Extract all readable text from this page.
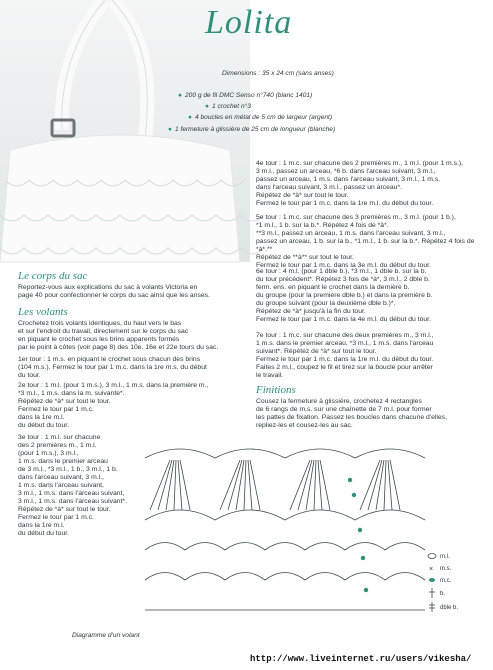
Lolita
Dimensions : 35 x 24 cm (sans anses)
● 200 g de fil DMC Senso n°740 (blanc 1401)
● 1 crochet n°3
● 4 boucles en métal de 5 cm de largeur (argent)
● 1 fermeture à glissière de 25 cm de longueur (blanche)
Le corps du sac

Reportez-vous aux explications du sac à volants Victoria en

page 40 pour confectionner le corps du sac ainsi que les anses.

Les volants

Crochetez trois volants identiques, du haut vers le bas

et sur l'endroit du travail, directement sur le corps du sac

en piquant le crochet sous les brins apparents formés

par le point à côtes (voir page 8) des 10e, 16e et 22e tours du sac.

1er tour : 1 m.s. en piquant le crochet sous chacun des brins

(104 m.s.). Fermez le tour par 1 m.c. dans la 1re m.s. du début

du tour.

2e tour : 1 m.l. (pour 1 m.s.), 3 m.l., 1 m.s. dans la première m.,

*3 m.l., 1 m.s. dans la m. suivante*.

Répétez de *à* sur tout le tour.

Fermez le tour par 1 m.c.

dans la 1re m.l.

du début du tour.

3e tour : 1 m.l. sur chacune

des 2 premières m., 1 m.l.

(pour 1 m.s.), 3 m.l.,

1 m.s. dans le premier arceau

de 3 m.l., *3 m.l., 1 b., 3 m.l., 1 b.

dans l'arceau suivant, 3 m.l.,

1 m.s. dans l'arceau suivant,

3 m.l., 1 m.s. dans l'arceau suivant,

3 m.l., 1 m.s. dans l'arceau suivant*.

Répétez de *à* sur tout le tour.

Fermez le tour par 1 m.c.

dans la 1re m.l.

du début du tour.

4e tour : 1 m.c. sur chacune des 2 premières m., 1 m.l. (pour 1 m.s.),

3 m.l., passez un arceau, *6 b. dans l'arceau suivant, 3 m.l.,

passez un arceau, 1 m.s. dans l'arceau suivant, 3 m.l., 1 m.s.

dans l'arceau suivant, 3 m.l., passez un arceau*.

Répétez de *à* sur tout le tour.

Fermez le tour par 1 m.c. dans la 1re m.l. du début du tour.

5e tour : 1 m.c. sur chacune des 3 premières m., 3 m.l. (pour 1 b.),

*1 m.l., 1 b. sur la b.*. Répétez 4 fois de *à*.

**3 m.l., passez un arceau, 1 m.s. dans l'arceau suivant, 3 m.l.,

passez un arceau, 1 b. sur la b., *1 m.l., 1 b. sur la b.*. Répétez 4 fois de *à*.**

Répétez de **à** sur tout le tour.

Fermez le tour par 1 m.c. dans la 3e m.l. du début du tour.

6e tour : 4 m.l. (pour 1 dble b.), *3 m.l., 1 dble b. sur la b.

du tour précédent*. Répétez 3 fois de *à*, 3 m.l., 2 dble b.

ferm. ens. en piquant le crochet dans la dernière b.

du groupe (pour la première dble b.) et dans la première b.

du groupe suivant (pour la deuxième dble b.)*.

Répétez de *à* jusqu'à la fin du tour.

Fermez le tour par 1 m.c. dans la 4e m.l. du début du tour.

7e tour : 1 m.c. sur chacune des deux premières m., 3 m.l.,

1 m.s. dans le premier arceau, *3 m.l., 1 m.s. dans l'arceau

suivant*. Répétez de *à* sur tout le tour.

Fermez le tour par 1 m.c. dans la 1re m.l. du début du tour.

Faites 2 m.l., coupez le fil et tirez sur la boucle pour arrêter

le travail.

Finitions

Cousez la fermeture à glissière, crochetez 4 rectangles

de 6 rangs de m.s. sur une chaînette de 7 m.l. pour former

les pattes de fixation. Passez les boucles dans chacune d'elles,

repliez-les et cousez-les au sac.

m.l.
× m.s.
m.c.
b.
dble b.
Diagramme d'un volant
http://www.liveinternet.ru/users/vikesha/
